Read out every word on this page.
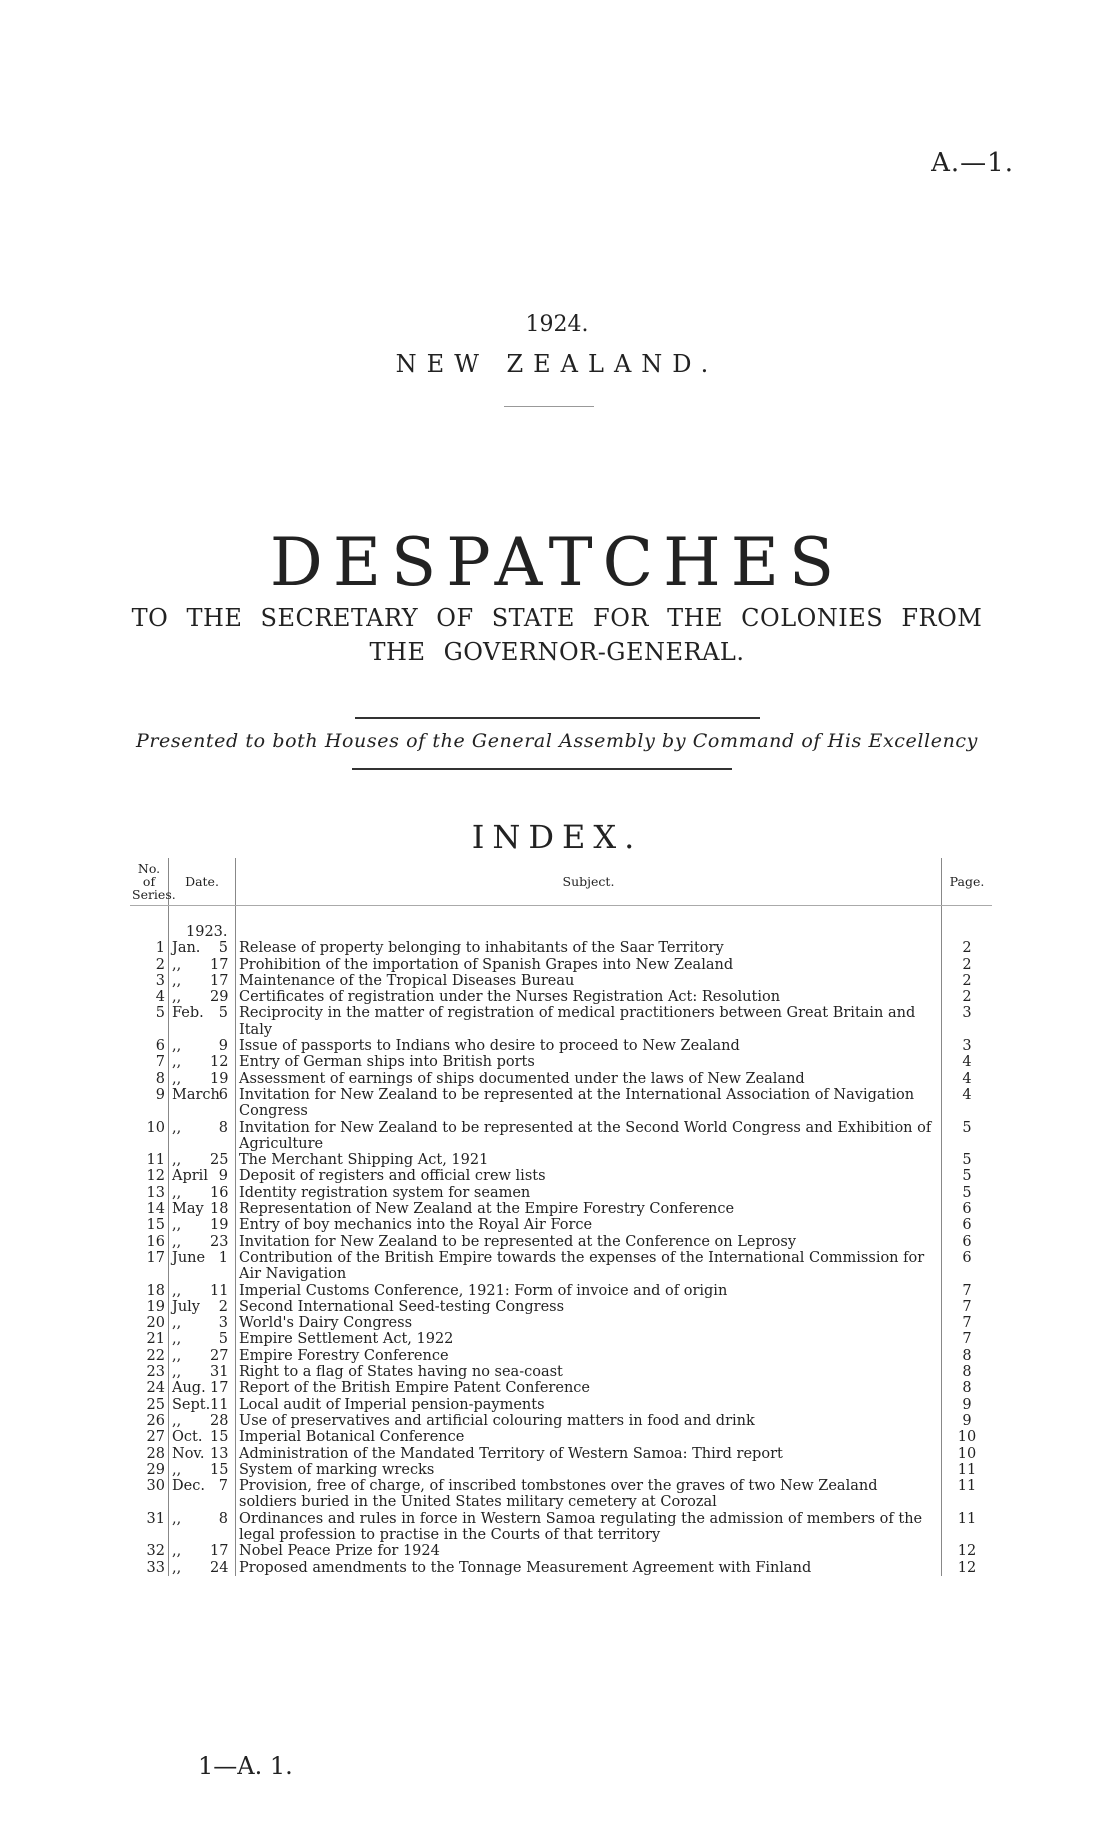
A.—1.
1924.
NEW ZEALAND.
DESPATCHES
TO THE SECRETARY OF STATE FOR THE COLONIES FROM THE GOVERNOR-GENERAL.
Presented to both Houses of the General Assembly by Command of His Excellency
INDEX.
No. of Series.	Date.	Subject.	Page.
	1923.		
1	Jan. 5	Release of property belonging to inhabitants of the Saar Territory	2
2	,, 17	Prohibition of the importation of Spanish Grapes into New Zealand	2
3	,, 17	Maintenance of the Tropical Diseases Bureau	2
4	,, 29	Certificates of registration under the Nurses Registration Act: Resolution	2
5	Feb. 5	Reciprocity in the matter of registration of medical practitioners between Great Britain and Italy	3
6	,, 9	Issue of passports to Indians who desire to proceed to New Zealand	3
7	,, 12	Entry of German ships into British ports	4
8	,, 19	Assessment of earnings of ships documented under the laws of New Zealand	4
9	March6	Invitation for New Zealand to be represented at the International Association of Navigation Congress	4
10	,, 8	Invitation for New Zealand to be represented at the Second World Congress and Exhibition of Agriculture	5
11	,, 25	The Merchant Shipping Act, 1921	5
12	April 9	Deposit of registers and official crew lists	5
13	,, 16	Identity registration system for seamen	5
14	May 18	Representation of New Zealand at the Empire Forestry Conference	6
15	,, 19	Entry of boy mechanics into the Royal Air Force	6
16	,, 23	Invitation for New Zealand to be represented at the Conference on Leprosy	6
17	June 1	Contribution of the British Empire towards the expenses of the International Commission for Air Navigation	6
18	,, 11	Imperial Customs Conference, 1921: Form of invoice and of origin	7
19	July 2	Second International Seed-testing Congress	7
20	,, 3	World's Dairy Congress	7
21	,, 5	Empire Settlement Act, 1922	7
22	,, 27	Empire Forestry Conference	8
23	,, 31	Right to a flag of States having no sea-coast	8
24	Aug. 17	Report of the British Empire Patent Conference	8
25	Sept.11	Local audit of Imperial pension-payments	9
26	,, 28	Use of preservatives and artificial colouring matters in food and drink	9
27	Oct. 15	Imperial Botanical Conference	10
28	Nov. 13	Administration of the Mandated Territory of Western Samoa: Third report	10
29	,, 15	System of marking wrecks	11
30	Dec. 7	Provision, free of charge, of inscribed tombstones over the graves of two New Zealand soldiers buried in the United States military cemetery at Corozal	11
31	,, 8	Ordinances and rules in force in Western Samoa regulating the admission of members of the legal profession to practise in the Courts of that territory	11
32	,, 17	Nobel Peace Prize for 1924	12
33	,, 24	Proposed amendments to the Tonnage Measurement Agreement with Finland	12
1—A. 1.
